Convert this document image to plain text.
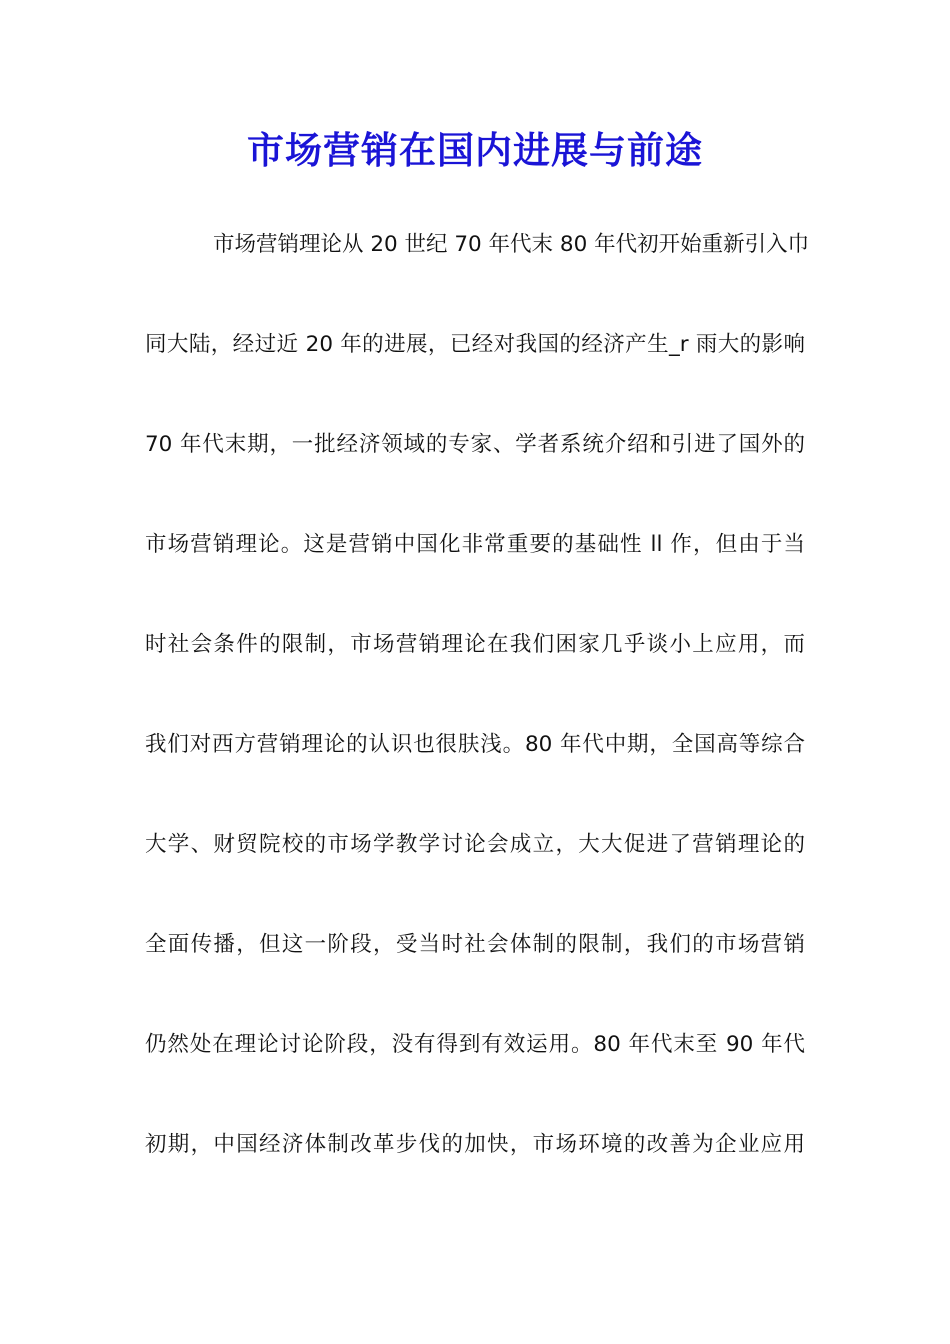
市场营销在国内进展与前途
市场营销理论从 20 世纪 70 年代末 80 年代初开始重新引入巾
同大陆，经过近 20 年的进展，已经对我国的经济产生_r 雨大的影响
70 年代末期，一批经济领域的专家、学者系统介绍和引进了国外的
市场营销理论。这是营销中国化非常重要的基础性 ll 作，但由于当
时社会条件的限制，市场营销理论在我们困家几乎谈小上应用，而
我们对西方营销理论的认识也很肤浅。80 年代中期，全国高等综合
大学、财贸院校的市场学教学讨论会成立，大大促进了营销理论的
全面传播，但这一阶段，受当时社会体制的限制，我们的市场营销
仍然处在理论讨论阶段，没有得到有效运用。80 年代末至 90 年代
初期，中国经济体制改革步伐的加快，市场环境的改善为企业应用
